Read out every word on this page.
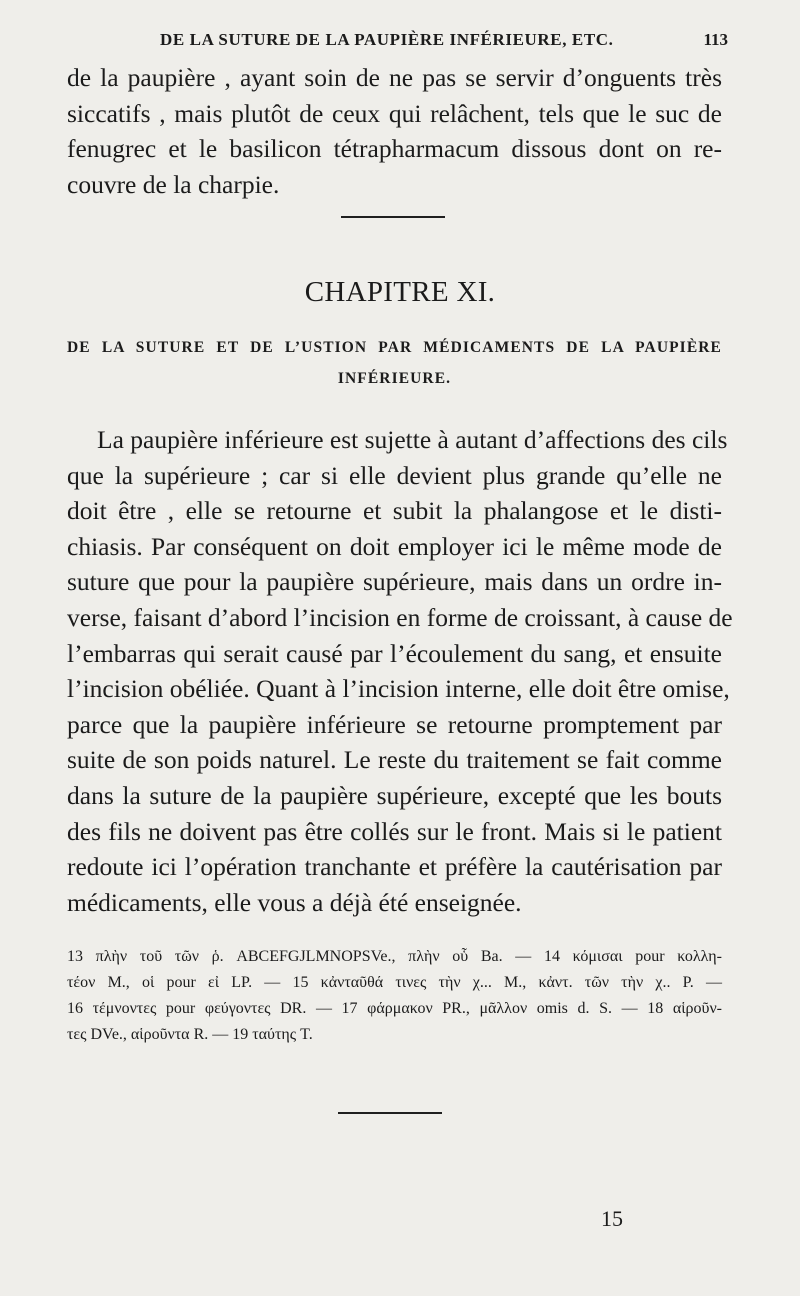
DE LA SUTURE DE LA PAUPIÈRE INFÉRIEURE, ETC.	113
de la paupière , ayant soin de ne pas se servir d’onguents très
siccatifs , mais plutôt de ceux qui relâchent, tels que le suc de
fenugrec et le basilicon tétrapharmacum dissous dont on re-
couvre de la charpie.
CHAPITRE XI.
DE LA SUTURE ET DE L’USTION PAR MÉDICAMENTS DE LA PAUPIÈRE
INFÉRIEURE.
La paupière inférieure est sujette à autant d’affections des cils
que la supérieure ; car si elle devient plus grande qu’elle ne
doit être , elle se retourne et subit la phalangose et le disti-
chiasis. Par conséquent on doit employer ici le même mode de
suture que pour la paupière supérieure, mais dans un ordre in-
verse, faisant d’abord l’incision en forme de croissant, à cause de
l’embarras qui serait causé par l’écoulement du sang, et ensuite
l’incision obéliée. Quant à l’incision interne, elle doit être omise,
parce que la paupière inférieure se retourne promptement par
suite de son poids naturel. Le reste du traitement se fait comme
dans la suture de la paupière supérieure, excepté que les bouts
des fils ne doivent pas être collés sur le front. Mais si le patient
redoute ici l’opération tranchante et préfère la cautérisation par
médicaments, elle vous a déjà été enseignée.
13 πλὴν τοῦ τῶν ῥ. ABCEFGJLMNOPSVe., πλὴν οὗ Ba. — 14 κόμισαι pour κολλη-
τέον M., οἱ pour εἰ LP. — 15 κἀνταῦθά τινες τὴν χ... M., κἀντ. τῶν τὴν χ.. P. —
16 τέμνοντες pour φεύγοντες DR. — 17 φάρμακον PR., μᾶλλον omis d. S. — 18 αἱροῦν-
τες DVe., αἱροῦντα R. — 19 ταύτης T.
15
